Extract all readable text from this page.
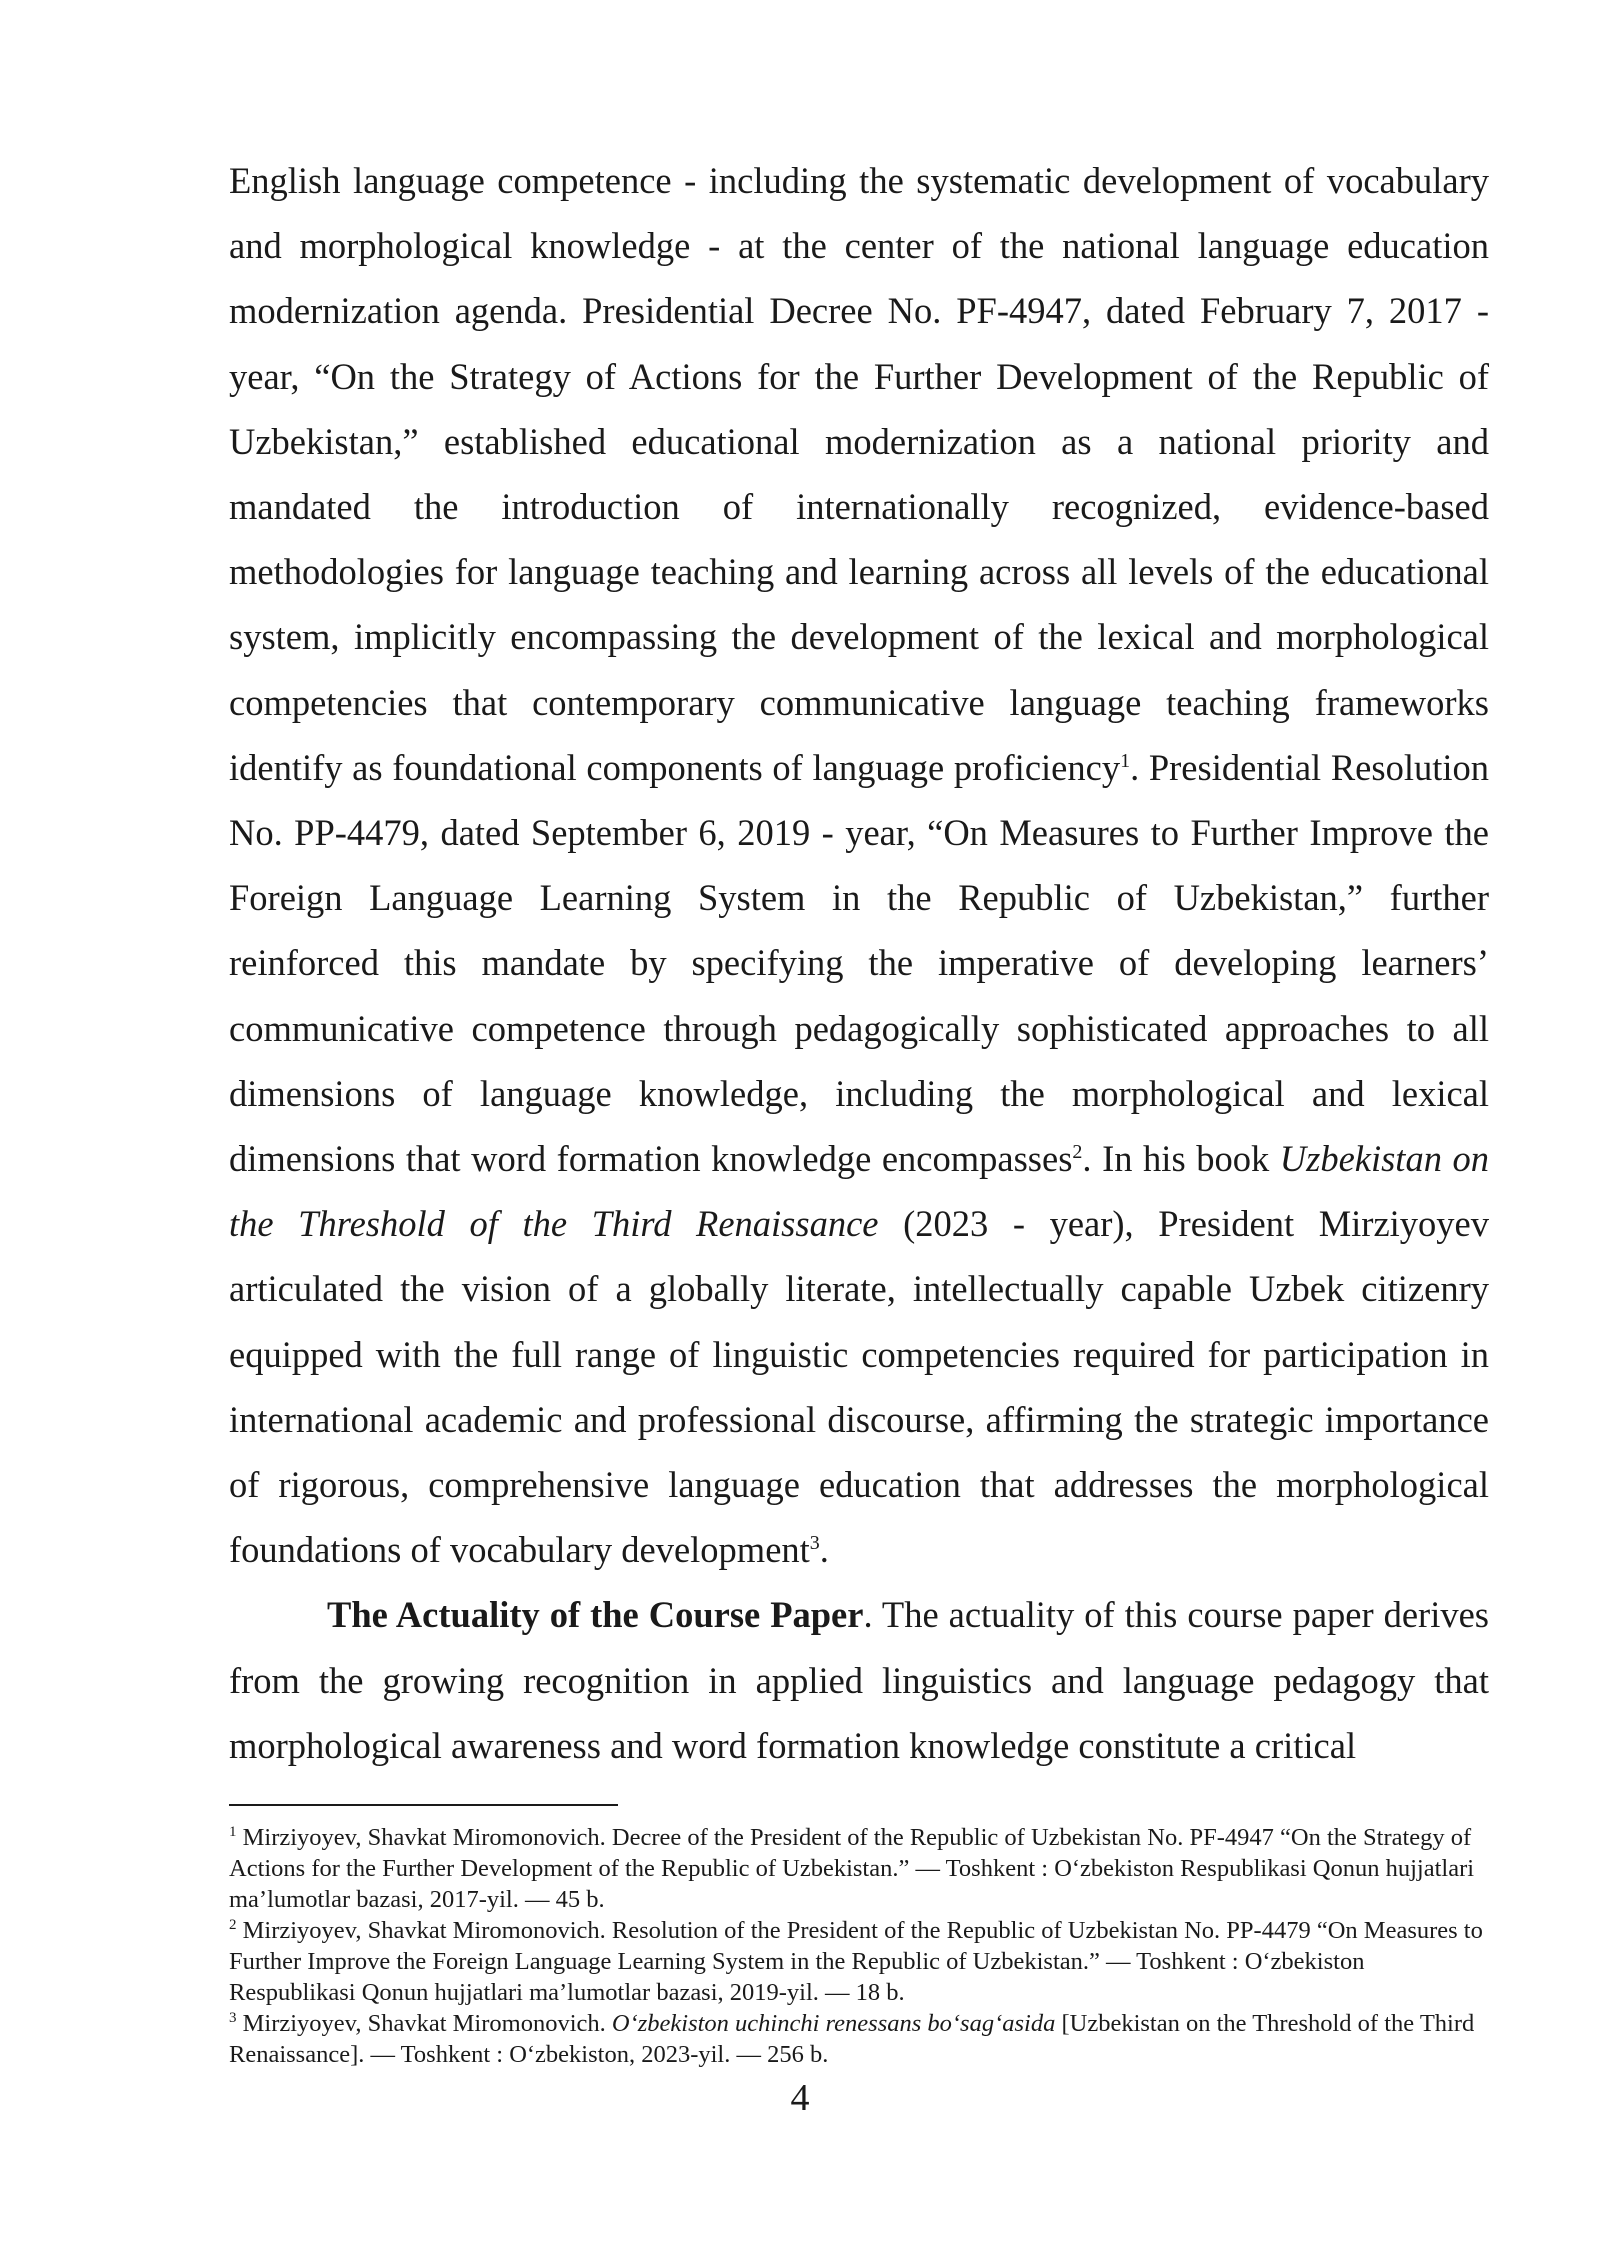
English language competence - including the systematic development of vocabulary and morphological knowledge - at the center of the national language education modernization agenda. Presidential Decree No. PF-4947, dated February 7, 2017 - year, “On the Strategy of Actions for the Further Development of the Republic of Uzbekistan,” established educational modernization as a national priority and mandated the introduction of internationally recognized, evidence-based methodologies for language teaching and learning across all levels of the educational system, implicitly encompassing the development of the lexical and morphological competencies that contemporary communicative language teaching frameworks identify as foundational components of language proficiency$^1$. Presidential Resolution No. PP-4479, dated September 6, 2019 - year, “On Measures to Further Improve the Foreign Language Learning System in the Republic of Uzbekistan,” further reinforced this mandate by specifying the imperative of developing learners’ communicative competence through pedagogically sophisticated approaches to all dimensions of language knowledge, including the morphological and lexical dimensions that word formation knowledge encompasses$^2$. In his book Uzbekistan on the Threshold of the Third Renaissance (2023 - year), President Mirziyoyev articulated the vision of a globally literate, intellectually capable Uzbek citizenry equipped with the full range of linguistic competencies required for participation in international academic and professional discourse, affirming the strategic importance of rigorous, comprehensive language education that addresses the morphological foundations of vocabulary development$^3$.

The Actuality of the Course Paper. The actuality of this course paper derives from the growing recognition in applied linguistics and language pedagogy that morphological awareness and word formation knowledge constitute a critical

$^1$ Mirziyoyev, Shavkat Miromonovich. Decree of the President of the Republic of Uzbekistan No. PF-4947 “On the Strategy of Actions for the Further Development of the Republic of Uzbekistan.” — Toshkent : O‘zbekiston Respublikasi Qonun hujjatlari ma’lumotlar bazasi, 2017-yil. — 45 b.

$^2$ Mirziyoyev, Shavkat Miromonovich. Resolution of the President of the Republic of Uzbekistan No. PP-4479 “On Measures to Further Improve the Foreign Language Learning System in the Republic of Uzbekistan.” — Toshkent : O‘zbekiston Respublikasi Qonun hujjatlari ma’lumotlar bazasi, 2019-yil. — 18 b.

$^3$ Mirziyoyev, Shavkat Miromonovich. O‘zbekiston uchinchi renessans bo‘sag‘asida [Uzbekistan on the Threshold of the Third Renaissance]. — Toshkent : O‘zbekiston, 2023-yil. — 256 b.

4
